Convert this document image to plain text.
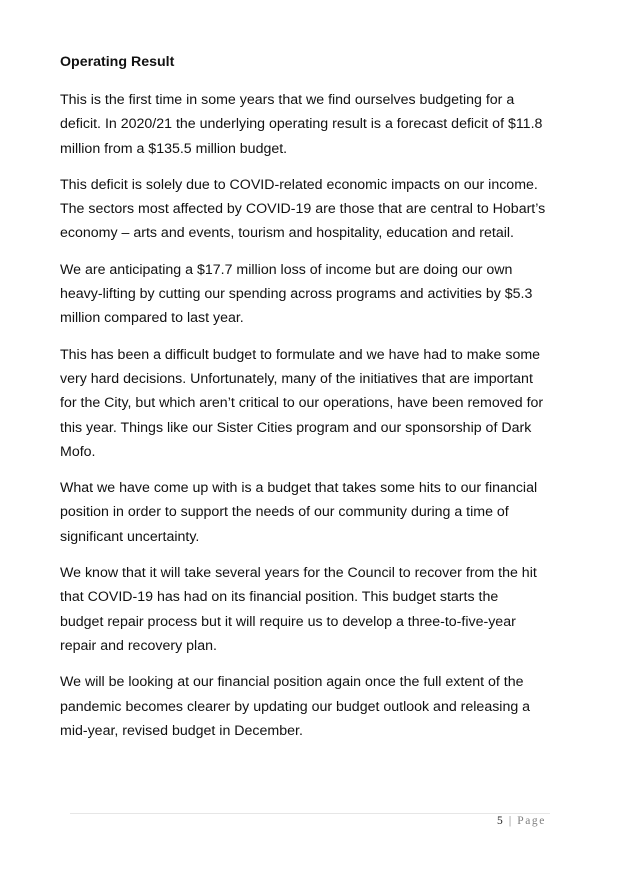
Operating Result

This is the first time in some years that we find ourselves budgeting for a
deficit. In 2020/21 the underlying operating result is a forecast deficit of $11.8
million from a $135.5 million budget.

This deficit is solely due to COVID-related economic impacts on our income.
The sectors most affected by COVID-19 are those that are central to Hobart’s
economy – arts and events, tourism and hospitality, education and retail.

We are anticipating a $17.7 million loss of income but are doing our own
heavy-lifting by cutting our spending across programs and activities by $5.3
million compared to last year.

This has been a difficult budget to formulate and we have had to make some
very hard decisions. Unfortunately, many of the initiatives that are important
for the City, but which aren’t critical to our operations, have been removed for
this year. Things like our Sister Cities program and our sponsorship of Dark
Mofo.

What we have come up with is a budget that takes some hits to our financial
position in order to support the needs of our community during a time of
significant uncertainty.

We know that it will take several years for the Council to recover from the hit
that COVID-19 has had on its financial position. This budget starts the
budget repair process but it will require us to develop a three-to-five-year
repair and recovery plan.

We will be looking at our financial position again once the full extent of the
pandemic becomes clearer by updating our budget outlook and releasing a
mid-year, revised budget in December.

5 | Page
